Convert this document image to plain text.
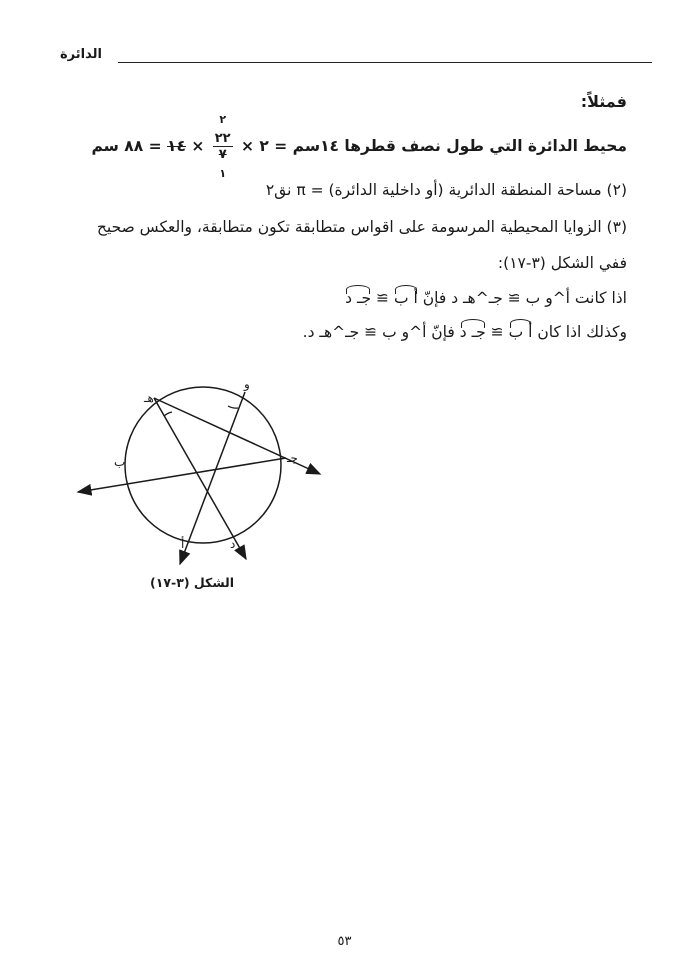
الدائرة
فمثلاً:
محيط الدائرة التي طول نصف قطرها ١٤سم = ٢ ×
٢
٢٢
٧
١
× ١٤ = ٨٨ سم
(٢) مساحة المنطقة الدائرية (أو داخلية الدائرة) = π نق٢
(٣) الزوايا المحيطية المرسومة على اقواس متطابقة تكون متطابقة، والعكس صحيح
ففي الشكل (٣-١٧):
اذا كانت أ^و ب ≅ جـ^هـ د فإنّ أ ب ≅ جـ د
وكذلك اذا كان أ ب ≅ جـ د فإنّ أ^و ب ≅ جـ^هـ د.
هـ
و
ب	جـ
أ	د
الشكل (٣-١٧)
٥٣
